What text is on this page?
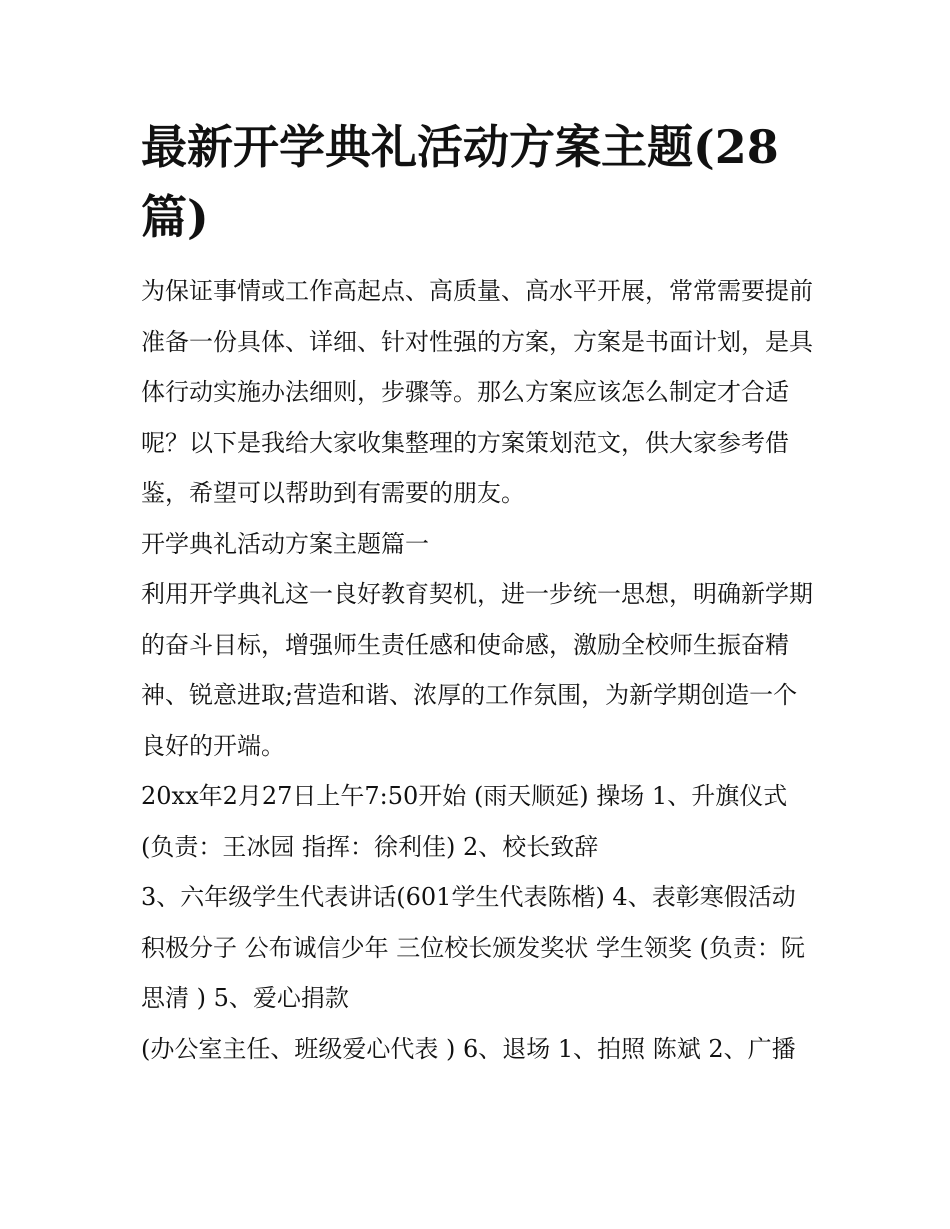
最新开学典礼活动方案主题(28篇)

为保证事情或工作高起点、高质量、高水平开展，常常需要提前准备一份具体、详细、针对性强的方案，方案是书面计划，是具体行动实施办法细则，步骤等。那么方案应该怎么制定才合适呢？以下是我给大家收集整理的方案策划范文，供大家参考借鉴，希望可以帮助到有需要的朋友。

开学典礼活动方案主题篇一

利用开学典礼这一良好教育契机，进一步统一思想，明确新学期的奋斗目标，增强师生责任感和使命感，激励全校师生振奋精神、锐意进取;营造和谐、浓厚的工作氛围，为新学期创造一个良好的开端。

20xx年2月27日上午7:50开始 (雨天顺延) 操场 1、升旗仪式 (负责：王冰园 指挥：徐利佳) 2、校长致辞

3、六年级学生代表讲话(601学生代表陈楷) 4、表彰寒假活动积极分子 公布诚信少年 三位校长颁发奖状 学生领奖 (负责：阮思清 ) 5、爱心捐款

(办公室主任、班级爱心代表 ) 6、退场 1、拍照 陈斌 2、广播
